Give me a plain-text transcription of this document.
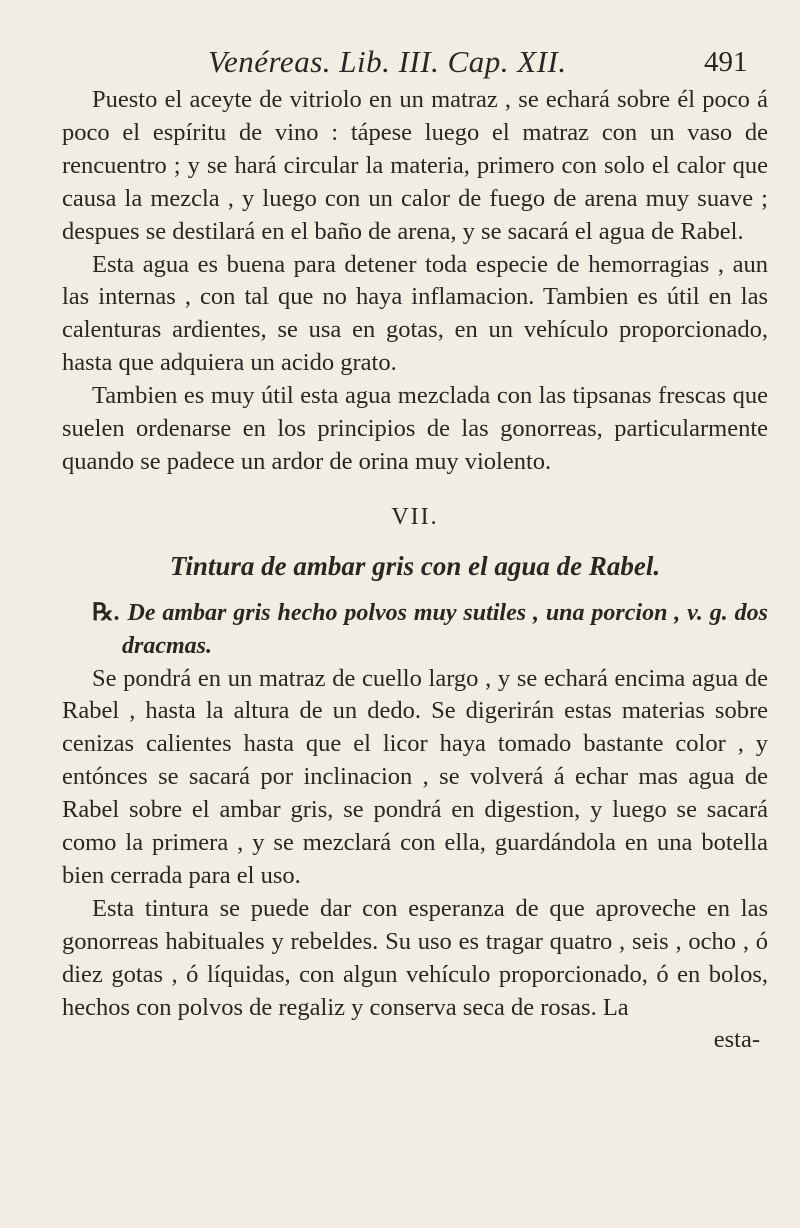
Venéreas. Lib. III. Cap. XII.	491

Puesto el aceyte de vitriolo en un matraz , se echará sobre él poco á poco el espíritu de vino : tápese luego el matraz con un vaso de rencuentro ; y se hará circular la materia, primero con solo el calor que causa la mezcla , y luego con un calor de fuego de arena muy suave ; despues se destilará en el baño de arena, y se sacará el agua de Rabel.

Esta agua es buena para detener toda especie de hemorragias , aun las internas , con tal que no haya inflamacion. Tambien es útil en las calenturas ardientes, se usa en gotas, en un vehículo proporcionado, hasta que adquiera un acido grato.

Tambien es muy útil esta agua mezclada con las tipsanas frescas que suelen ordenarse en los principios de las gonorreas, particularmente quando se padece un ardor de orina muy violento.

VII.
Tintura de ambar gris con el agua de Rabel.
℞. De ambar gris hecho polvos muy sutiles , una porcion , v. g. dos dracmas.

Se pondrá en un matraz de cuello largo , y se echará encima agua de Rabel , hasta la altura de un dedo. Se digerirán estas materias sobre cenizas calientes hasta que el licor haya tomado bastante color , y entónces se sacará por inclinacion , se volverá á echar mas agua de Rabel sobre el ambar gris, se pondrá en digestion, y luego se sacará como la primera , y se mezclará con ella, guardándola en una botella bien cerrada para el uso.

Esta tintura se puede dar con esperanza de que aproveche en las gonorreas habituales y rebeldes. Su uso es tragar quatro , seis , ocho , ó diez gotas , ó líquidas, con algun vehículo proporcionado, ó en bolos, hechos con polvos de regaliz y conserva seca de rosas. La

esta-
